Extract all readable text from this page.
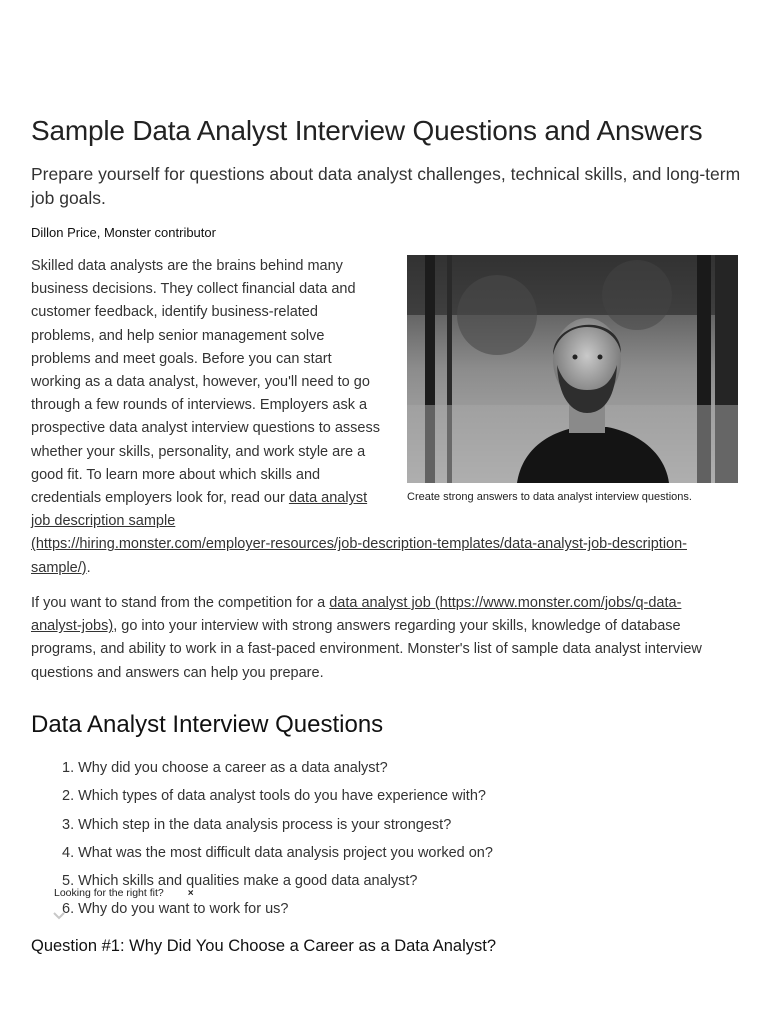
Sample Data Analyst Interview Questions and Answers

Prepare yourself for questions about data analyst challenges, technical skills, and long-term job goals.

Dillon Price, Monster contributor

Create strong answers to data analyst interview questions.

Skilled data analysts are the brains behind many business decisions. They collect financial data and customer feedback, identify business-related problems, and help senior management solve problems and meet goals. Before you can start working as a data analyst, however, you'll need to go through a few rounds of interviews. Employers ask a prospective data analyst interview questions to assess whether your skills, personality, and work style are a good fit. To learn more about which skills and credentials employers look for, read our data analyst job description sample (https://hiring.monster.com/employer-resources/job-description-templates/data-analyst-job-description-sample/).

If you want to stand from the competition for a data analyst job (https://www.monster.com/jobs/q-data-analyst-jobs), go into your interview with strong answers regarding your skills, knowledge of database programs, and ability to work in a fast-paced environment. Monster's list of sample data analyst interview questions and answers can help you prepare.

Data Analyst Interview Questions
1. Why did you choose a career as a data analyst?
2. Which types of data analyst tools do you have experience with?
3. Which step in the data analysis process is your strongest?
4. What was the most difficult data analysis project you worked on?
5. Which skills and qualities make a good data analyst?
6. Why do you want to work for us?
Question #1: Why Did You Choose a Career as a Data Analyst?
Looking for the right fit? ×
